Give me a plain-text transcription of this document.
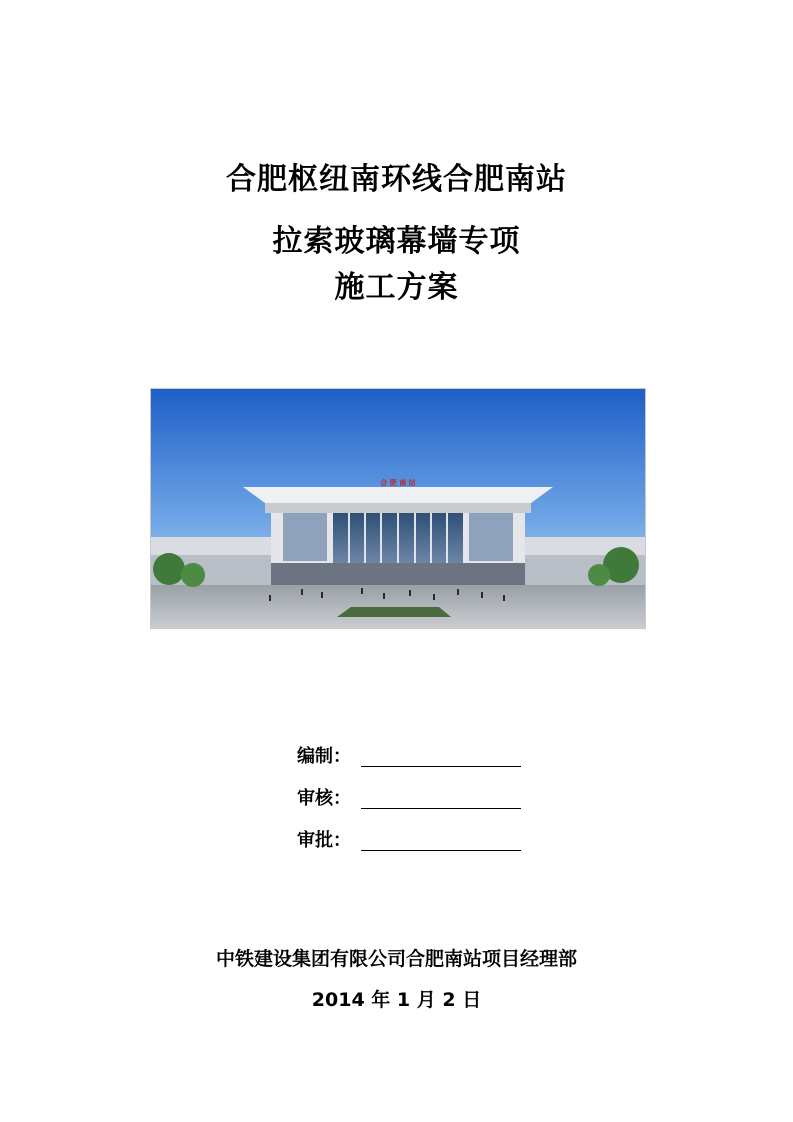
合肥枢纽南环线合肥南站
拉索玻璃幕墙专项
施工方案
合 肥 南 站
编制：
审核：
审批：
中铁建设集团有限公司合肥南站项目经理部
2014 年 1 月 2 日
